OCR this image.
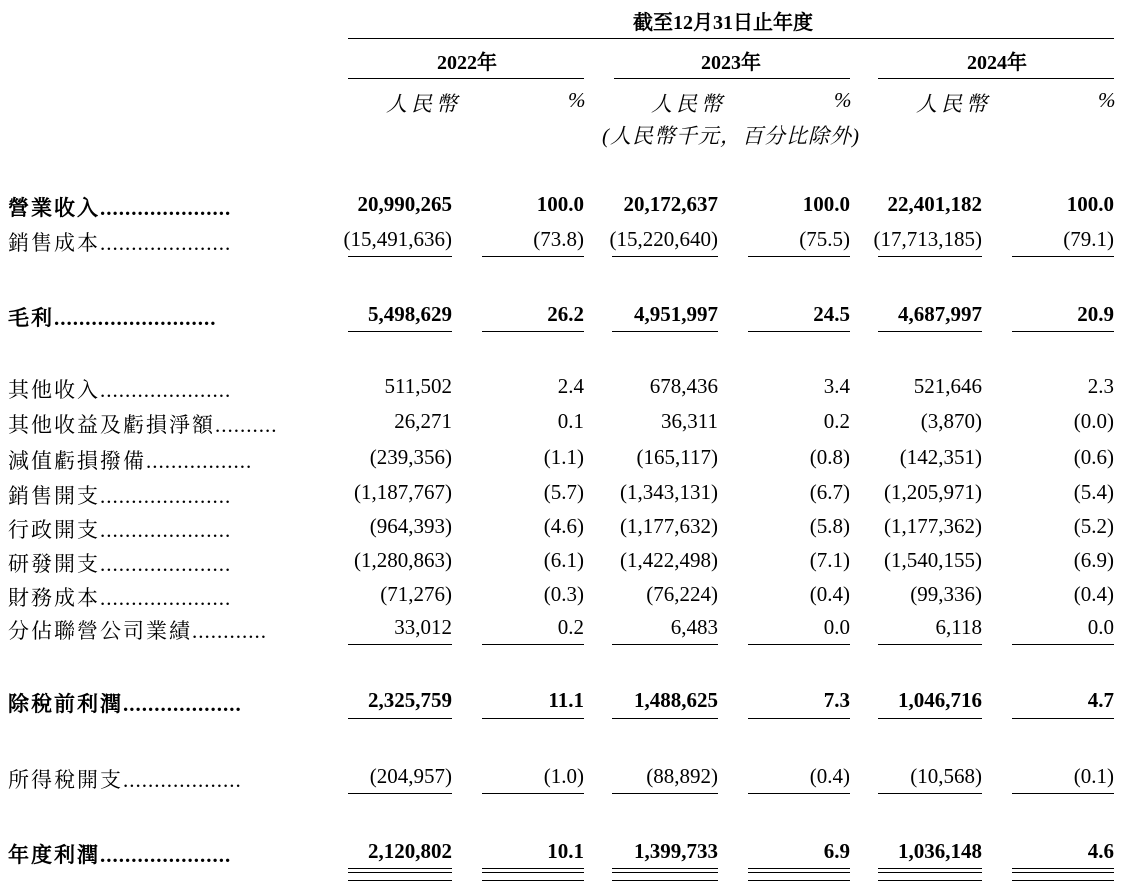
截至12月31日止年度
2022年	2023年	2024年
人民幣	%	人民幣	%	人民幣	%
(人民幣千元，百分比除外)
營業收入.....................	20,990,265	100.0 20,172,637	100.0 22,401,182	100.0
銷售成本.....................	(15,491,636)	(73.8) (15,220,640)	(75.5) (17,713,185)	(79.1)
毛利..........................	5,498,629	26.2 4,951,997	24.5 4,687,997	20.9
其他收入.....................	511,502	2.4	678,436	3.4	521,646	2.3
其他收益及虧損淨額..........	26,271	0.1	36,311	0.2	(3,870)	(0.0)
減值虧損撥備.................	(239,356)	(1.1)	(165,117)	(0.8) (142,351)	(0.6)
銷售開支.....................	(1,187,767)	(5.7) (1,343,131)	(6.7) (1,205,971)	(5.4)
行政開支.....................	(964,393)	(4.6) (1,177,632)	(5.8) (1,177,362)	(5.2)
研發開支.....................	(1,280,863)	(6.1) (1,422,498)	(7.1) (1,540,155)	(6.9)
財務成本.....................	(71,276)	(0.3)	(76,224)	(0.4)	(99,336)	(0.4)
分佔聯營公司業績............	33,012	0.2	6,483	0.0	6,118	0.0
除稅前利潤...................	2,325,759	11.1 1,488,625	7.3 1,046,716	4.7
所得稅開支...................	(204,957)	(1.0)	(88,892)	(0.4)	(10,568)	(0.1)
年度利潤.....................	2,120,802	10.1 1,399,733	6.9 1,036,148	4.6
